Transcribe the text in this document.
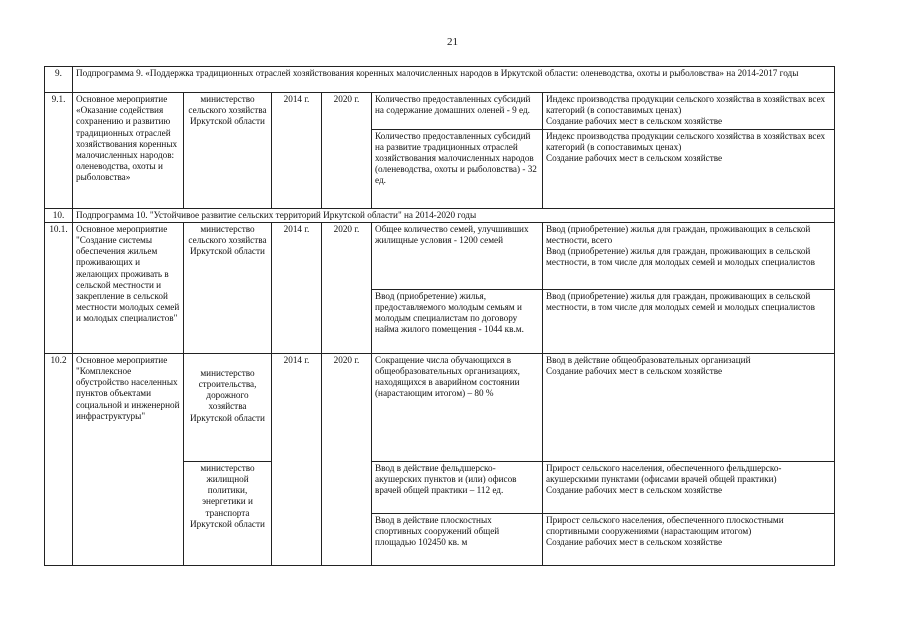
21
9.	Подпрограмма 9. «Поддержка традиционных отраслей хозяйствования коренных малочисленных народов в Иркутской области: оленеводства, охоты и рыболовства» на 2014-2017 годы					
9.1.	Основное мероприятие «Оказание содействия сохранению и развитию традиционных отраслей хозяйствования коренных малочисленных народов: оленеводства, охоты и рыболовства»	министерство сельского хозяйства Иркутской области	2014 г.	2020 г.	Количество предоставленных субсидий на содержание домашних оленей - 9 ед.	Индекс производства продукции сельского хозяйства в хозяйствах всех категорий (в сопоставимых ценах)
Создание рабочих мест в сельском хозяйстве

					Количество предоставленных субсидий на развитие традиционных отраслей хозяйствования малочисленных народов (оленеводства, охоты и рыболовства) - 32 ед.	Индекс производства продукции сельского хозяйства в хозяйствах всех категорий (в сопоставимых ценах)
Создание рабочих мест в сельском хозяйстве

10.	Подпрограмма 10. "Устойчивое развитие сельских территорий Иркутской области" на 2014-2020 годы					
10.1.	Основное мероприятие "Создание системы обеспечения жильем проживающих и желающих проживать в сельской местности и закрепление в сельской местности молодых семей и молодых специалистов"	министерство сельского хозяйства Иркутской области	2014 г.	2020 г.	Общее количество семей, улучшивших жилищные условия - 1200 семей	Ввод (приобретение) жилья для граждан, проживающих в сельской местности, всего
Ввод (приобретение) жилья для граждан, проживающих в сельской местности, в том числе для молодых семей и молодых специалистов

					Ввод (приобретение) жилья, предоставляемого молодым семьям и молодым специалистам по договору найма жилого помещения - 1044 кв.м.	Ввод (приобретение) жилья для граждан, проживающих в сельской местности, в том числе для молодых семей и молодых специалистов

10.2	Основное мероприятие "Комплексное обустройство населенных пунктов объектами социальной и инженерной инфраструктуры"	министерство строительства, дорожного хозяйства Иркутской области	2014 г.	2020 г.	Сокращение числа обучающихся в общеобразовательных организациях, находящихся в аварийном состоянии (нарастающим итогом) – 80 %	Ввод в действие общеобразовательных организаций
Создание рабочих мест в сельском хозяйстве

		министерство жилищной политики, энергетики и транспорта Иркутской области			Ввод в действие фельдшерско-акушерских пунктов и (или) офисов врачей общей практики – 112 ед.	Прирост сельского населения, обеспеченного фельдшерско-акушерскими пунктами (офисами врачей общей практики)
Создание рабочих мест в сельском хозяйстве

					Ввод в действие плоскостных спортивных сооружений общей площадью 102450 кв. м	Прирост сельского населения, обеспеченного плоскостными спортивными сооружениями (нарастающим итогом)
Создание рабочих мест в сельском хозяйстве
